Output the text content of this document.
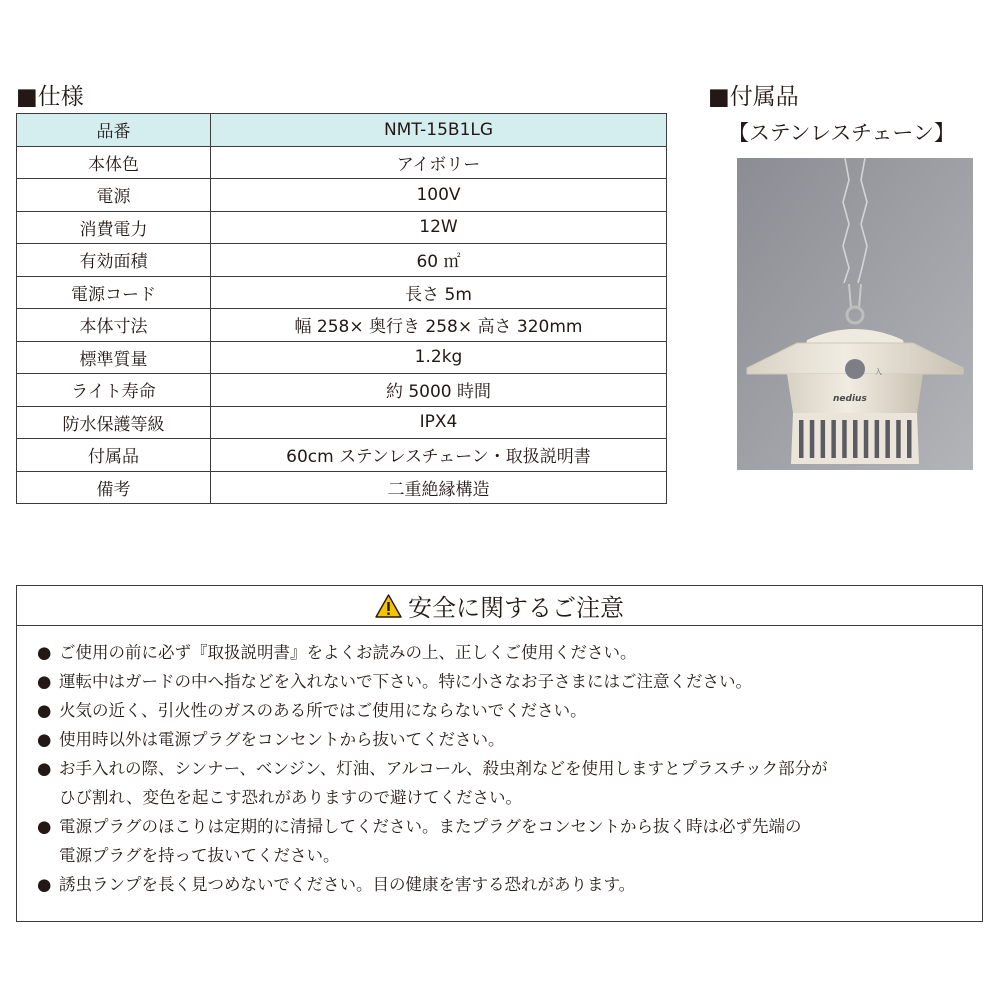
■仕様
品番	NMT-15B1LG
本体色	アイボリー
電源	100V
消費電力	12W
有効面積	60 ㎡
電源コード	長さ 5m
本体寸法	幅 258× 奥行き 258× 高さ 320mm
標準質量	1.2kg
ライト寿命	約 5000 時間
防水保護等級	IPX4
付属品	60cm ステンレスチェーン・取扱説明書
備考	二重絶縁構造
■付属品
【ステンレスチェーン】
入
nedius
安全に関するご注意
● ご使用の前に必ず『取扱説明書』をよくお読みの上、正しくご使用ください。
● 運転中はガードの中へ指などを入れないで下さい。特に小さなお子さまにはご注意ください。
● 火気の近く、引火性のガスのある所ではご使用にならないでください。
● 使用時以外は電源プラグをコンセントから抜いてください。
● お手入れの際、シンナー、ベンジン、灯油、アルコール、殺虫剤などを使用しますとプラスチック部分が
ひび割れ、変色を起こす恐れがありますので避けてください。
● 電源プラグのほこりは定期的に清掃してください。またプラグをコンセントから抜く時は必ず先端の
電源プラグを持って抜いてください。
● 誘虫ランプを長く見つめないでください。目の健康を害する恐れがあります。
